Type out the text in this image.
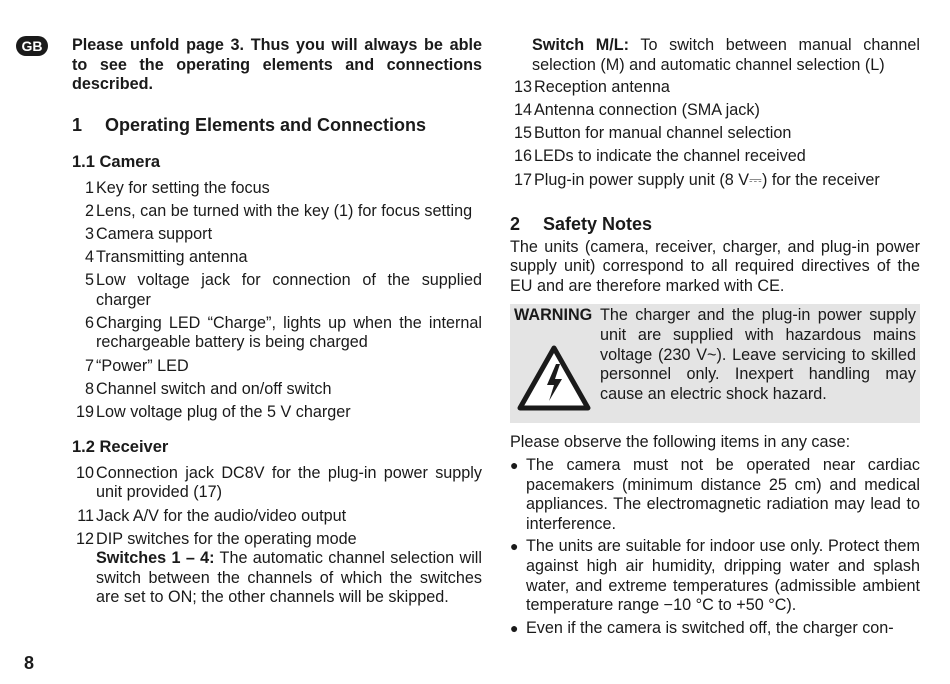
GB	Please unfold page 3. Thus you will always be able to see the operating elements and connections described.

1 Operating Elements and Connections
1.1 Camera
1 Key for setting the focus
2 Lens, can be turned with the key (1) for focus setting
3 Camera support
4 Transmitting antenna
5 Low voltage jack for connection of the supplied charger
6 Charging LED “Charge”, lights up when the internal rechargeable battery is being charged
7 “Power” LED
8 Channel switch and on/off switch
19 Low voltage plug of the 5 V charger
1.2 Receiver
10 Connection jack DC8V for the plug-in power supply unit provided (17)
11 Jack A/V for the audio/video output
12 DIP switches for the operating mode
Switches 1 – 4: The automatic channel selection will switch between the channels of which the switches are set to ON; the other channels will be skipped.
Switch M/L: To switch between manual channel selection (M) and automatic channel selection (L)
13 Reception antenna
14 Antenna connection (SMA jack)
15 Button for manual channel selection
16 LEDs to indicate the channel received
17 Plug-in power supply unit (8 V⎓) for the receiver
2 Safety Notes

The units (camera, receiver, charger, and plug-in power supply unit) correspond to all required directives of the EU and are therefore marked with CE.

WARNING The charger and the plug-in power supply unit are supplied with hazardous mains voltage (230 V~). Leave servicing to skilled personnel only. Inexpert handling may cause an electric shock hazard.

Please observe the following items in any case:

● The camera must not be operated near cardiac pacemakers (minimum distance 25 cm) and medical appliances. The electromagnetic radiation may lead to interference.
● The units are suitable for indoor use only. Protect them against high air humidity, dripping water and splash water, and extreme temperatures (admissible ambient temperature range −10 °C to +50 °C).
● Even if the camera is switched off, the charger con-
8
